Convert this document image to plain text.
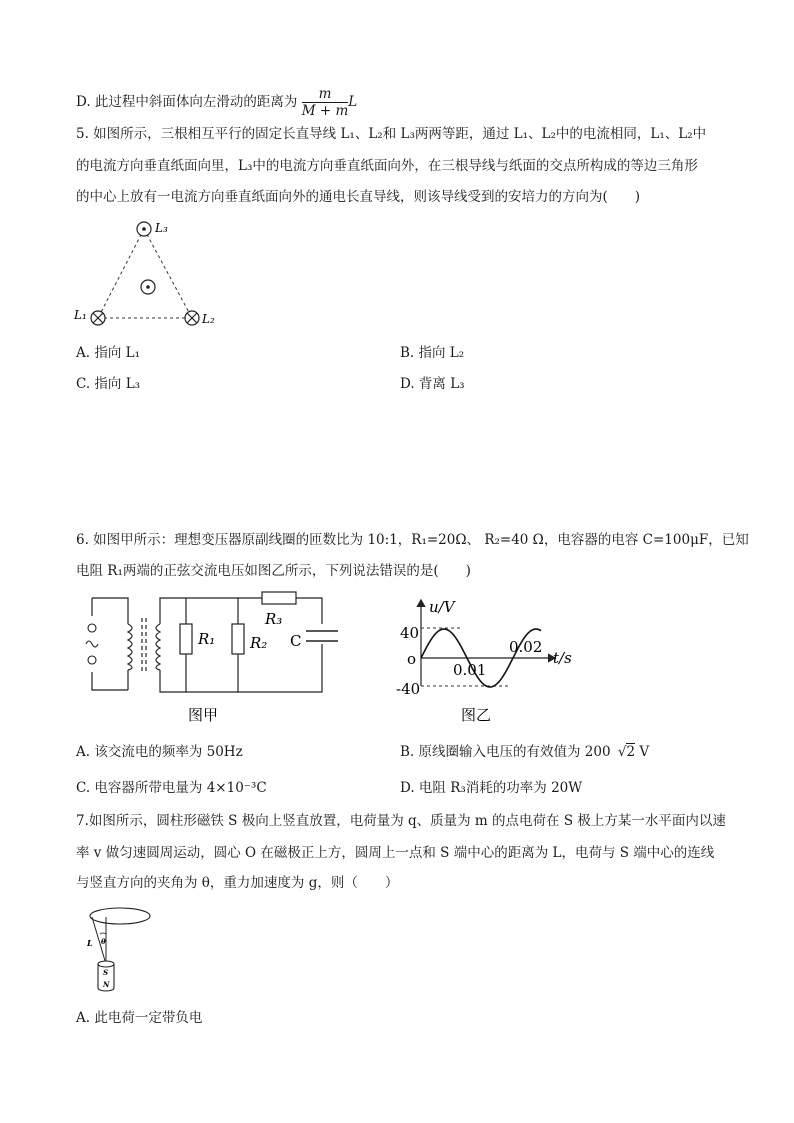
D. 此过程中斜面体向左滑动的距离为 $\frac{m}{M + m}$ L
5. 如图所示，三根相互平行的固定长直导线 L₁、L₂和 L₃两两等距，通过 L₁、L₂中的电流相同，L₁、L₂中
的电流方向垂直纸面向里，L₃中的电流方向垂直纸面向外，在三根导线与纸面的交点所构成的等边三角形
的中心上放有一电流方向垂直纸面向外的通电长直导线，则该导线受到的安培力的方向为(　　)
L₃
L₁	L₂
A. 指向 L₁	B. 指向 L₂
C. 指向 L₃	D. 背离 L₃
6. 如图甲所示：理想变压器原副线圈的匝数比为 10:1，R₁=20Ω、 R₂=40 Ω，电容器的电容 C=100μF，已知
电阻 R₁两端的正弦交流电压如图乙所示，下列说法错误的是(　　)
R₁ R₂
R₃
C
图甲
u/V
t/s
40
-40
o
0.01
0.02
图乙
A. 该交流电的频率为 50Hz	B. 原线圈输入电压的有效值为 200 √2 V
C. 电容器所带电量为 4×10⁻³C	D. 电阻 R₃消耗的功率为 20W
7.如图所示，圆柱形磁铁 S 极向上竖直放置，电荷量为 q、质量为 m 的点电荷在 S 极上方某一水平面内以速
率 v 做匀速圆周运动，圆心 O 在磁极正上方，圆周上一点和 S 端中心的距离为 L，电荷与 S 端中心的连线
与竖直方向的夹角为 θ，重力加速度为 g，则（　　）
L θ
S
N
A. 此电荷一定带负电
